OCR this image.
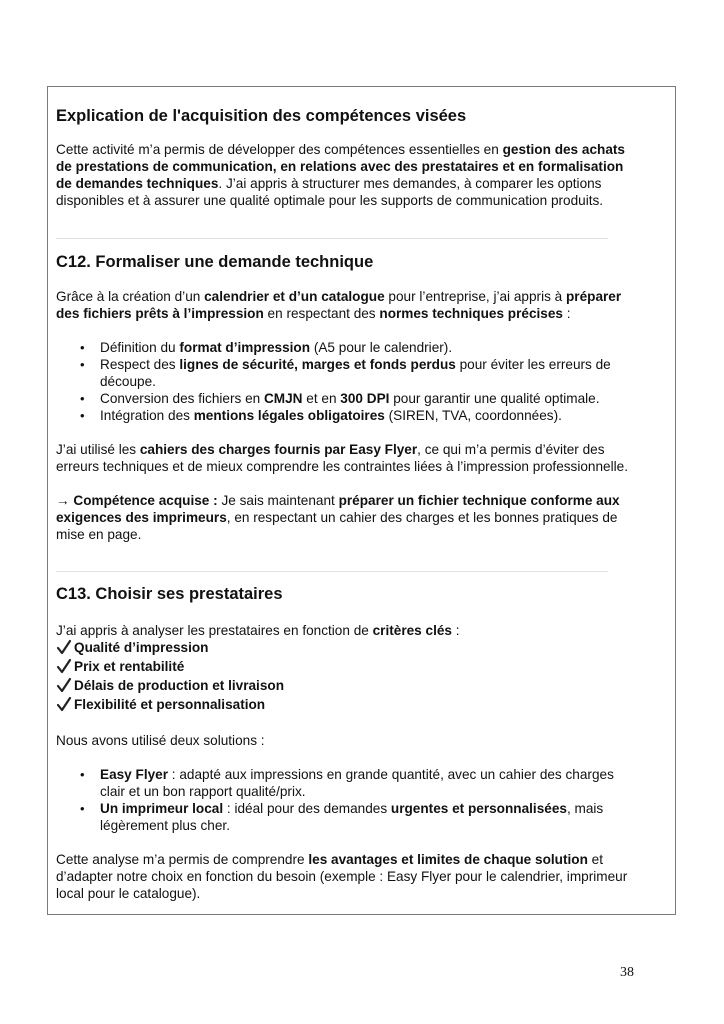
Explication de l'acquisition des compétences visées
Cette activité m’a permis de développer des compétences essentielles en gestion des achats
de prestations de communication, en relations avec des prestataires et en formalisation
de demandes techniques. J’ai appris à structurer mes demandes, à comparer les options
disponibles et à assurer une qualité optimale pour les supports de communication produits.
C12. Formaliser une demande technique
Grâce à la création d’un calendrier et d’un catalogue pour l’entreprise, j’ai appris à préparer
des fichiers prêts à l’impression en respectant des normes techniques précises :
• Définition du format d’impression (A5 pour le calendrier).
• Respect des lignes de sécurité, marges et fonds perdus pour éviter les erreurs de
découpe.
• Conversion des fichiers en CMJN et en 300 DPI pour garantir une qualité optimale.
• Intégration des mentions légales obligatoires (SIREN, TVA, coordonnées).
J’ai utilisé les cahiers des charges fournis par Easy Flyer, ce qui m’a permis d’éviter des
erreurs techniques et de mieux comprendre les contraintes liées à l’impression professionnelle.
→ Compétence acquise : Je sais maintenant préparer un fichier technique conforme aux
exigences des imprimeurs, en respectant un cahier des charges et les bonnes pratiques de
mise en page.
C13. Choisir ses prestataires
J’ai appris à analyser les prestataires en fonction de critères clés :
Qualité d’impression
Prix et rentabilité
Délais de production et livraison
Flexibilité et personnalisation
Nous avons utilisé deux solutions :
• Easy Flyer : adapté aux impressions en grande quantité, avec un cahier des charges
clair et un bon rapport qualité/prix.
• Un imprimeur local : idéal pour des demandes urgentes et personnalisées, mais
légèrement plus cher.
Cette analyse m’a permis de comprendre les avantages et limites de chaque solution et
d’adapter notre choix en fonction du besoin (exemple : Easy Flyer pour le calendrier, imprimeur
local pour le catalogue).
38
